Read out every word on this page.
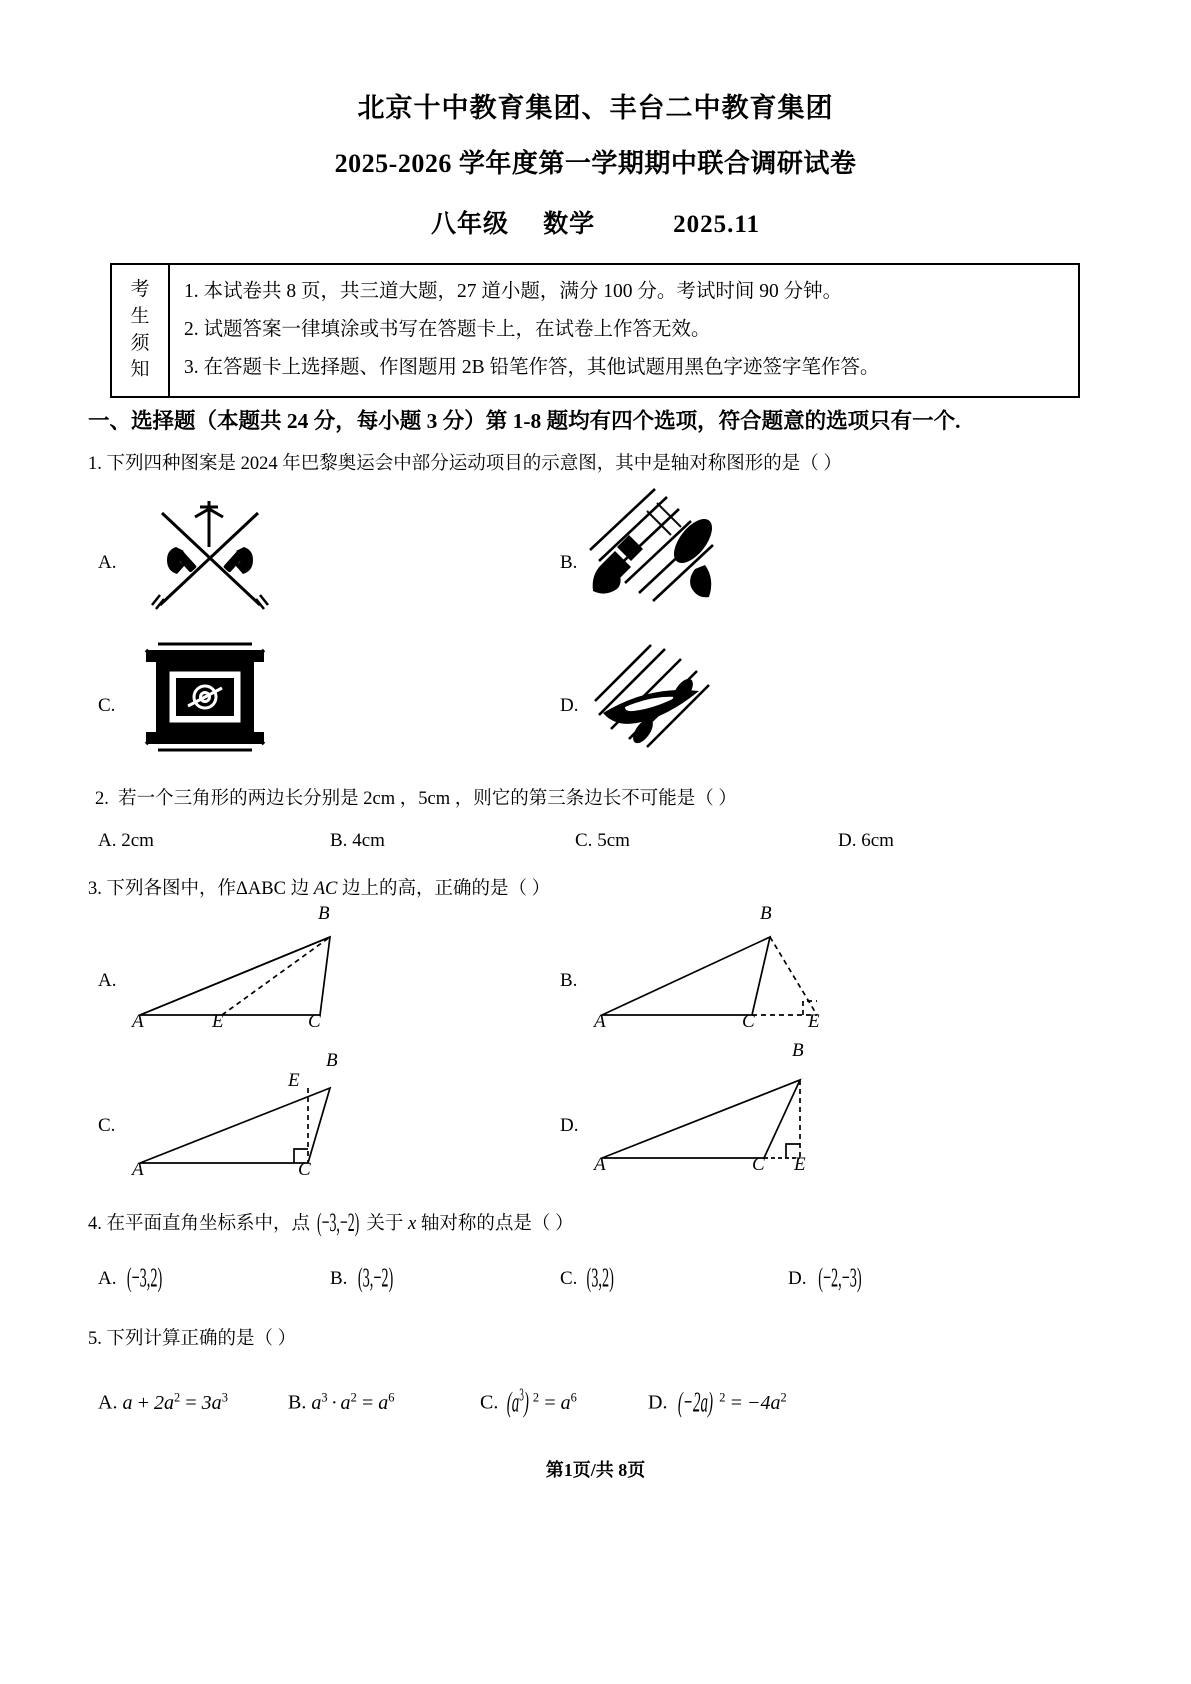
北京十中教育集团、丰台二中教育集团
2025-2026 学年度第一学期期中联合调研试卷
八年级 数学	2025.11
考
生
须
知

1. 本试卷共 8 页，共三道大题，27 道小题，满分 100 分。考试时间 90 分钟。

2. 试题答案一律填涂或书写在答题卡上，在试卷上作答无效。

3. 在答题卡上选择题、作图题用 2B 铅笔作答，其他试题用黑色字迹签字笔作答。

一、选择题（本题共 24 分，每小题 3 分）第 1-8 题均有四个选项，符合题意的选项只有一个.
1. 下列四种图案是 2024 年巴黎奥运会中部分运动项目的示意图，其中是轴对称图形的是（ ）
A.	B.
C.	D.
2. 若一个三角形的两边长分别是 2cm ，5cm ，则它的第三条边长不可能是（ ）
A. 2cm	B. 4cm	C. 5cm	D. 6cm
3. 下列各图中，作ΔABC 边 AC 边上的高，正确的是（ ）
A.
B
A	E	C
B.
B
A	C	E
C.
B
E
A	C
D.
B
A	C E
4. 在平面直角坐标系中，点 (−3,−2) 关于 x 轴对称的点是（ ）
A. (−3,2)	B. (3,−2)	C. (3,2)	D. (−2,−3)
5. 下列计算正确的是（ ）
A. $a + 2a^2 = 3a^3$	B. $a^3 \cdot a^2 = a^6$	C. $(a^3) ^2 = a^6$	D. (−2a) $^2 = -4a^2$
第1页/共 8页
